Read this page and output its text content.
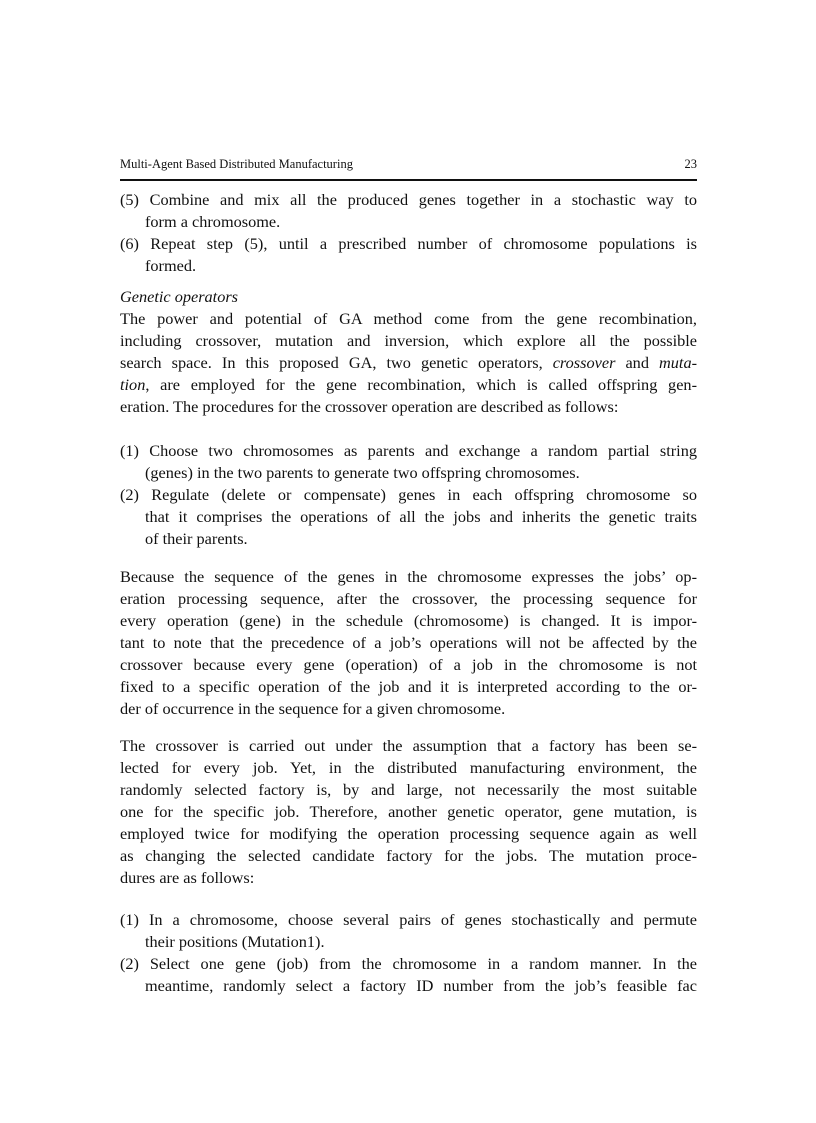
Multi-Agent Based Distributed Manufacturing	23
(5) Combine and mix all the produced genes together in a stochastic way to
form a chromosome.
(6) Repeat step (5), until a prescribed number of chromosome populations is
formed.
Genetic operators
The power and potential of GA method come from the gene recombination,
including crossover, mutation and inversion, which explore all the possible
search space. In this proposed GA, two genetic operators, crossover and muta-
tion, are employed for the gene recombination, which is called offspring gen-
eration. The procedures for the crossover operation are described as follows:
(1) Choose two chromosomes as parents and exchange a random partial string
(genes) in the two parents to generate two offspring chromosomes.
(2) Regulate (delete or compensate) genes in each offspring chromosome so
that it comprises the operations of all the jobs and inherits the genetic traits
of their parents.
Because the sequence of the genes in the chromosome expresses the jobs’ op-
eration processing sequence, after the crossover, the processing sequence for
every operation (gene) in the schedule (chromosome) is changed. It is impor-
tant to note that the precedence of a job’s operations will not be affected by the
crossover because every gene (operation) of a job in the chromosome is not
fixed to a specific operation of the job and it is interpreted according to the or-
der of occurrence in the sequence for a given chromosome.
The crossover is carried out under the assumption that a factory has been se-
lected for every job. Yet, in the distributed manufacturing environment, the
randomly selected factory is, by and large, not necessarily the most suitable
one for the specific job. Therefore, another genetic operator, gene mutation, is
employed twice for modifying the operation processing sequence again as well
as changing the selected candidate factory for the jobs. The mutation proce-
dures are as follows:
(1) In a chromosome, choose several pairs of genes stochastically and permute
their positions (Mutation1).
(2) Select one gene (job) from the chromosome in a random manner. In the
meantime, randomly select a factory ID number from the job’s feasible fac
